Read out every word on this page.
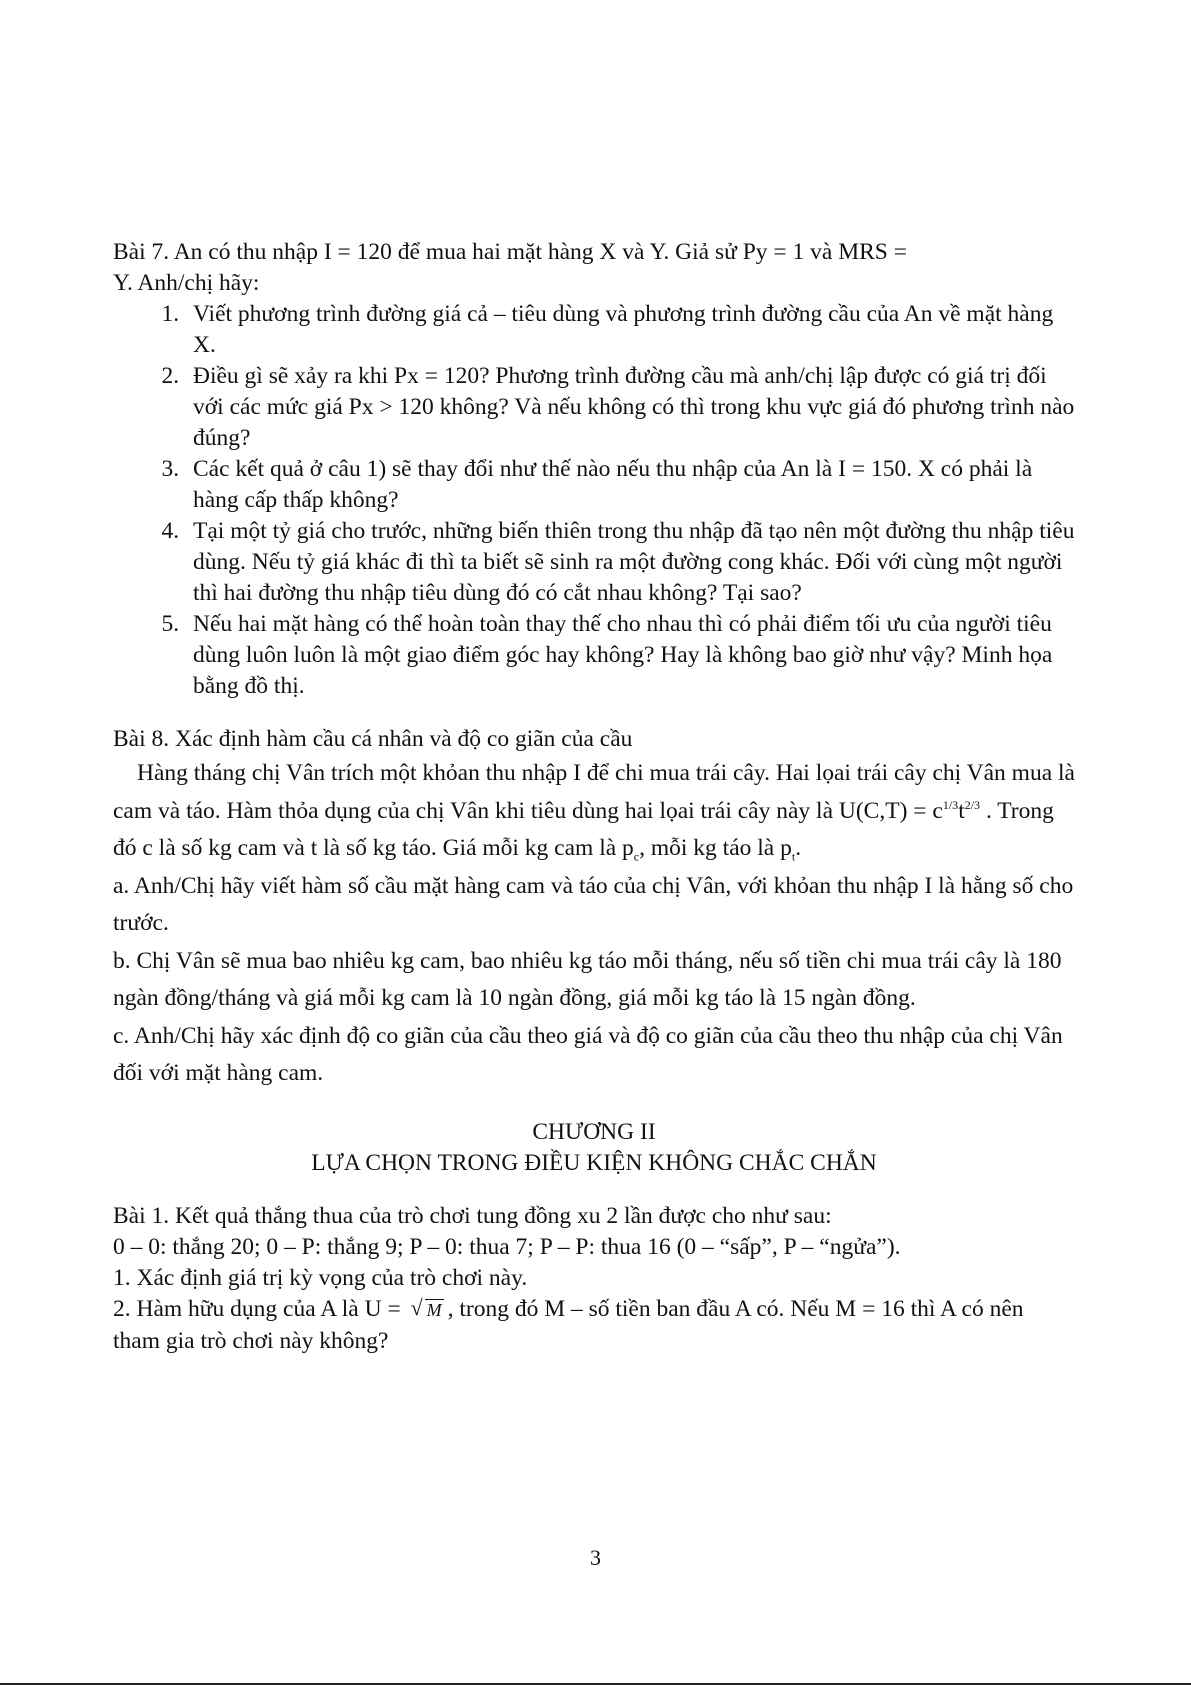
Bài 7. An có thu nhập I = 120 để mua hai mặt hàng X và Y. Giả sử Py = 1 và MRS =
Y. Anh/chị hãy:
1. Viết phương trình đường giá cả – tiêu dùng và phương trình đường cầu của An về mặt hàng X.
2. Điều gì sẽ xảy ra khi Px = 120? Phương trình đường cầu mà anh/chị lập được có giá trị đối với các mức giá Px > 120 không? Và nếu không có thì trong khu vực giá đó phương trình nào đúng?
3. Các kết quả ở câu 1) sẽ thay đổi như thế nào nếu thu nhập của An là I = 150. X có phải là hàng cấp thấp không?
4. Tại một tỷ giá cho trước, những biến thiên trong thu nhập đã tạo nên một đường thu nhập tiêu dùng. Nếu tỷ giá khác đi thì ta biết sẽ sinh ra một đường cong khác. Đối với cùng một người thì hai đường thu nhập tiêu dùng đó có cắt nhau không? Tại sao?
5. Nếu hai mặt hàng có thể hoàn toàn thay thế cho nhau thì có phải điểm tối ưu của người tiêu dùng luôn luôn là một giao điểm góc hay không? Hay là không bao giờ như vậy? Minh họa bằng đồ thị.
Bài 8. Xác định hàm cầu cá nhân và độ co giãn của cầu

Hàng tháng chị Vân trích một khỏan thu nhập I để chi mua trái cây. Hai lọai trái cây chị Vân mua là cam và táo. Hàm thỏa dụng của chị Vân khi tiêu dùng hai lọai trái cây này là $U(C,T) = c^{1/3}t^{2/3}$ . Trong đó c là số kg cam và t là số kg táo. Giá mỗi kg cam là $p_c$, mỗi kg táo là $p_t$.

a. Anh/Chị hãy viết hàm số cầu mặt hàng cam và táo của chị Vân, với khỏan thu nhập I là hằng số cho trước.

b. Chị Vân sẽ mua bao nhiêu kg cam, bao nhiêu kg táo mỗi tháng, nếu số tiền chi mua trái cây là 180 ngàn đồng/tháng và giá mỗi kg cam là 10 ngàn đồng, giá mỗi kg táo là 15 ngàn đồng.

c. Anh/Chị hãy xác định độ co giãn của cầu theo giá và độ co giãn của cầu theo thu nhập của chị Vân đối với mặt hàng cam.

CHƯƠNG II
LỰA CHỌN TRONG ĐIỀU KIỆN KHÔNG CHẮC CHẮN
Bài 1. Kết quả thắng thua của trò chơi tung đồng xu 2 lần được cho như sau:
0 – 0: thắng 20; 0 – P: thắng 9; P – 0: thua 7; P – P: thua 16 (0 – “sấp”, P – “ngửa”).
1. Xác định giá trị kỳ vọng của trò chơi này.
2. Hàm hữu dụng của A là U = √ M , trong đó M – số tiền ban đầu A có. Nếu M = 16 thì A có nên tham gia trò chơi này không?
3
